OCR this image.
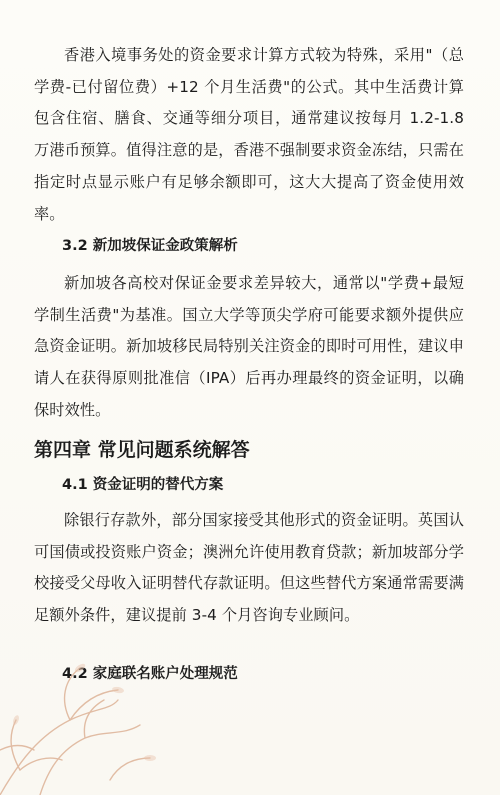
香港入境事务处的资金要求计算方式较为特殊，采用"（总学费-已付留位费）+12 个月生活费"的公式。其中生活费计算包含住宿、膳食、交通等细分项目，通常建议按每月 1.2-1.8 万港币预算。值得注意的是，香港不强制要求资金冻结，只需在指定时点显示账户有足够余额即可，这大大提高了资金使用效率。

3.2 新加坡保证金政策解析

新加坡各高校对保证金要求差异较大，通常以"学费+最短学制生活费"为基准。国立大学等顶尖学府可能要求额外提供应急资金证明。新加坡移民局特别关注资金的即时可用性，建议申请人在获得原则批准信（IPA）后再办理最终的资金证明，以确保时效性。

第四章 常见问题系统解答
4.1 资金证明的替代方案

除银行存款外，部分国家接受其他形式的资金证明。英国认可国债或投资账户资金；澳洲允许使用教育贷款；新加坡部分学校接受父母收入证明替代存款证明。但这些替代方案通常需要满足额外条件，建议提前 3-4 个月咨询专业顾问。

4.2 家庭联名账户处理规范
